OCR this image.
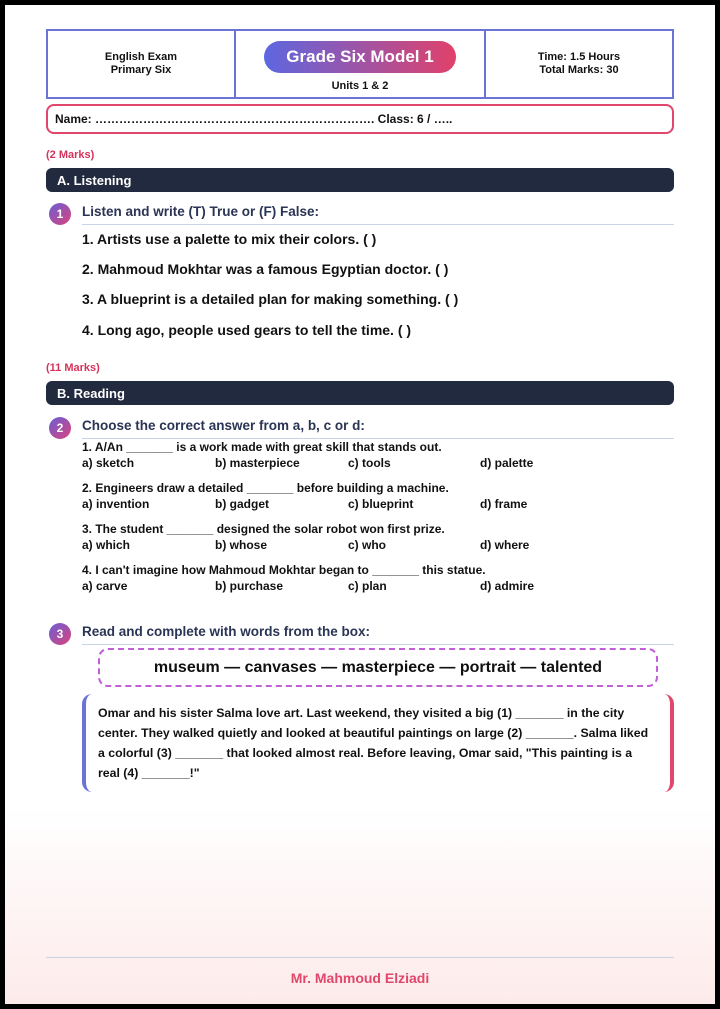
English Exam
Primary Six
Grade Six Model 1
Units 1 & 2
Time: 1.5 Hours
Total Marks: 30
Name: ……………………………………………………………. Class: 6 / …..
(2 Marks)
A. Listening
1	Listen and write (T) True or (F) False:
1. Artists use a palette to mix their colors. ( )
2. Mahmoud Mokhtar was a famous Egyptian doctor. ( )
3. A blueprint is a detailed plan for making something. ( )
4. Long ago, people used gears to tell the time. ( )
(11 Marks)
B. Reading
2	Choose the correct answer from a, b, c or d:
1. A/An _______ is a work made with great skill that stands out.
a) sketch	b) masterpiece	c) tools	d) palette
2. Engineers draw a detailed _______ before building a machine.
a) invention	b) gadget	c) blueprint	d) frame
3. The student _______ designed the solar robot won first prize.
a) which	b) whose	c) who	d) where
4. I can't imagine how Mahmoud Mokhtar began to _______ this statue.
a) carve	b) purchase	c) plan	d) admire
3	Read and complete with words from the box:
museum — canvases — masterpiece — portrait — talented
Omar and his sister Salma love art. Last weekend, they visited a big (1) _______ in the city center. They walked quietly and looked at beautiful paintings on large (2) _______. Salma liked a colorful (3) _______ that looked almost real. Before leaving, Omar said, "This painting is a real (4) _______!"
Mr. Mahmoud Elziadi
